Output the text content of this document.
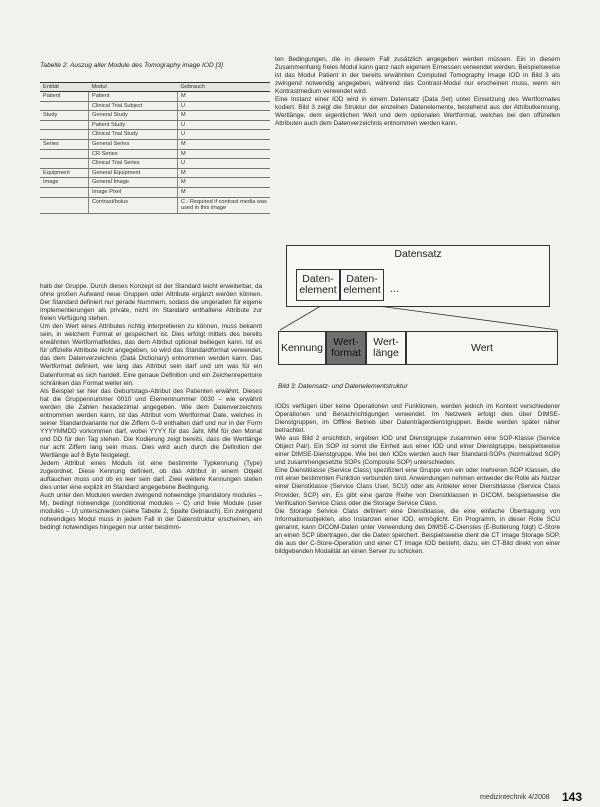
Tabelle 2: Auszug aller Module des Tomography image IOD [3]
Entität	Modul	Gebrauch
Patient	Patient	M
	Clinical Trial Subject	U
Study	General Study	M
	Patient Study	U
	Clinical Trial Study	U
Series	General Series	M
	CR Series	M
	Clinical Trial Series	U
Equipment	General Equipment	M
Image	General Image	M
	Image Pixel	M
	Contrast/bolus	C - Required if contrast media was used in this image

halb der Gruppe. Durch dieses Konzept ist der Standard leicht erweiterbar, da ohne großen Aufwand neue Gruppen oder Attribute ergänzt werden können. Der Standard definiert nur gerade Nummern, sodass die ungeraden für eigene Implementierungen als private, nicht im Standard enthaltene Attribute zur freien Verfügung stehen.

Um den Wert eines Attributes richtig interpretieren zu können, muss bekannt sein, in welchem Format er gespeichert ist. Dies erfolgt mittels des bereits erwähnten Wertformatfeldes, das dem Attribut optional beiliegen kann. Ist es für offizielle Attribute nicht angegeben, so wird das Standardformat verwendet, das dem Datenverzeichnis (Data Dictionary) entnommen werden kann. Das Wertformat definiert, wie lang das Attribut sein darf und um was für ein Datenformat es sich handelt. Eine genaue Definition und ein Zeichenrepertoire schränken das Format weiter ein.

Als Beispiel sei hier das Geburtstags-Attribut des Patienten erwähnt. Dieses hat die Gruppennummer 0010 und Elementnummer 0030 – wie erwähnt werden die Zahlen hexadezimal angegeben. Wie dem Datenverzeichnis entnommen werden kann, ist das Attribut vom Wertformat Date, welches in seiner Standardvariante nur die Ziffern 0–9 enthalten darf und nur in der Form YYYYMMDD vorkommen darf, wobei YYYY für das Jahr, MM für den Monat und DD für den Tag stehen. Die Kodierung zeigt bereits, dass die Wertlänge nur acht Ziffern lang sein muss. Dies wird auch durch die Definition der Wertlänge auf 8 Byte festgelegt.

Jedem Attribut eines Moduls ist eine bestimmte Typkennung (Type) zugeordnet. Diese Kennung definiert, ob das Attribut in einem Objekt auftauchen muss und ob es leer sein darf. Zwei weitere Kennungen stellen dies unter eine explizit im Standard angegebene Bedingung.

Auch unter den Modulen werden zwingend notwendige (mandatory modules – M), bedingt notwendige (conditional modules – C) und freie Module (user modules – U) unterschieden (siehe Tabelle 2, Spalte Gebrauch). Ein zwingend notwendiges Modul muss in jedem Fall in der Datenstruktur erscheinen, ein bedingt notwendiges hingegen nur unter bestimm-

ten Bedingungen, die in diesem Fall zusätzlich angegeben werden müssen. Ein in diesem Zusammenhang freies Modul kann ganz nach eigenem Ermessen verwendet werden. Beispielsweise ist das Modul Patient in der bereits erwähnten Computed Tomography Image IOD in Bild 3 als zwingend notwendig angegeben, während das Contrast-Modul nur erscheinen muss, wenn ein Kontrastmedium verwendet wird.

Eine Instanz einer IOD wird in einem Datensatz (Data Set) unter Einsetzung des Wertformates kodiert. Bild 3 zeigt die Struktur der einzelnen Datenelemente, bestehend aus der Attributkennung, Wertlänge, dem eigentlichen Wert und dem optionalen Wertformat, welches bei den offiziellen Attributen auch dem Datenverzeichnis entnommen werden kann.

Datensatz
Daten-
element
Daten-
element ...
Kennung Wert-
format
Wert-
länge	Wert
Bild 3: Datensatz- und Datenelementstruktur

IODs verfügen über keine Operationen und Funktionen, werden jedoch im Kontext verschiedener Operationen und Benachrichtigungen verwendet. Im Netzwerk erfolgt dies über DIMSE-Dienstgruppen, im Offline Betrieb über Datenträgerdienstgruppen. Beide werden später näher betrachtet.

Wie aus Bild 2 ersichtlich, ergeben IOD und Dienstgruppe zusammen eine SOP-Klasse (Service Object Pair). Ein SOP ist somit die Einheit aus einer IOD und einer Dienstgruppe, beispielsweise einer DIMSE-Dienstgruppe. Wie bei den IODs werden auch hier Standard-SOPs (Normalized SOP) und zusammengesetzte SOPs (Composite SOP) unterschieden.

Eine Dienstklasse (Service Class) spezifiziert eine Gruppe von ein oder mehreren SOP Klassen, die mit einer bestimmten Funktion verbunden sind. Anwendungen nehmen entweder die Rolle als Nutzer einer Dienstklasse (Service Class User, SCU) oder als Anbieter einer Dienstklasse (Service Class Provider, SCP) ein. Es gibt eine ganze Reihe von Dienstklassen in DICOM, beispielsweise die Verification Service Class oder die Storage Service Class.

Die Storage Service Class definiert eine Dienstklasse, die eine einfache Übertragung von Informationsobjekten, also Instanzen einer IOD, ermöglicht. Ein Programm, in dieser Rolle SCU genannt, kann DICOM-Daten unter Verwendung des DIMSE-C-Dienstes (E-Butterung folgt) C-Store an einen SCP übertragen, der die Daten speichert. Beispielsweise dient die CT Image Storage SOP, die aus der C-Store-Operation und einer CT Image IOD besteht, dazu, ein CT-Bild direkt von einer bildgebenden Modalität an einen Server zu schicken.

medizintechnik 4/2008 143
